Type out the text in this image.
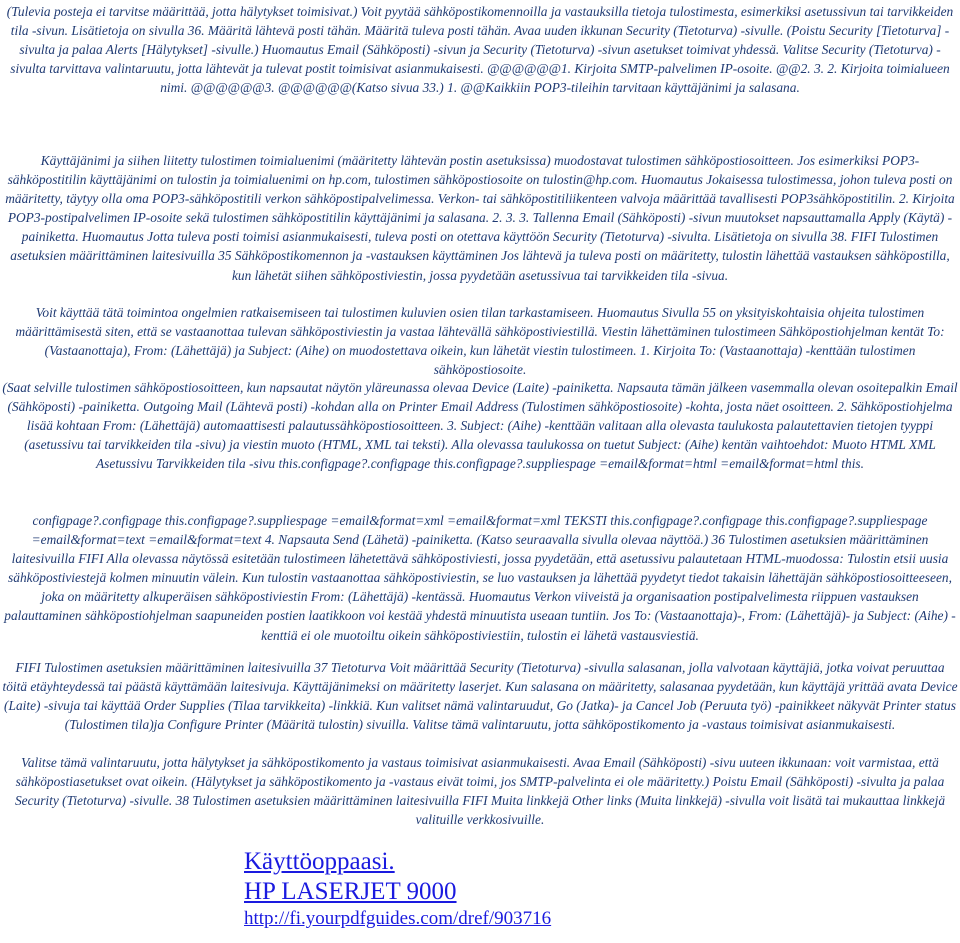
(Tulevia posteja ei tarvitse määrittää, jotta hälytykset toimisivat.) Voit pyytää sähköpostikomennoilla ja vastauksilla tietoja tulostimesta, esimerkiksi asetussivun tai tarvikkeiden tila -sivun. Lisätietoja on sivulla 36. Määritä lähtevä posti tähän. Määritä tuleva posti tähän. Avaa uuden ikkunan Security (Tietoturva) -sivulle. (Poistu Security [Tietoturva] -sivulta ja palaa Alerts [Hälytykset] -sivulle.) Huomautus Email (Sähköposti) -sivun ja Security (Tietoturva) -sivun asetukset toimivat yhdessä. Valitse Security (Tietoturva) -sivulta tarvittava valintaruutu, jotta lähtevät ja tulevat postit toimisivat asianmukaisesti. @@@@@@1. Kirjoita SMTP-palvelimen IP-osoite. @@2. 3. 2. Kirjoita toimialueen nimi. @@@@@@3. @@@@@@(Katso sivua 33.) 1. @@Kaikkiin POP3-tileihin tarvitaan käyttäjänimi ja salasana.
Käyttäjänimi ja siihen liitetty tulostimen toimialuenimi (määritetty lähtevän postin asetuksissa) muodostavat tulostimen sähköpostiosoitteen. Jos esimerkiksi POP3-sähköpostitilin käyttäjänimi on tulostin ja toimialuenimi on hp.com, tulostimen sähköpostiosoite on tulostin@hp.com. Huomautus Jokaisessa tulostimessa, johon tuleva posti on määritetty, täytyy olla oma POP3-sähköpostitili verkon sähköpostipalvelimessa. Verkon- tai sähköpostitiliikenteen valvoja määrittää tavallisesti POP3sähköpostitilin. 2. Kirjoita POP3-postipalvelimen IP-osoite sekä tulostimen sähköpostitilin käyttäjänimi ja salasana. 2. 3. 3. Tallenna Email (Sähköposti) -sivun muutokset napsauttamalla Apply (Käytä) -painiketta. Huomautus Jotta tuleva posti toimisi asianmukaisesti, tuleva posti on otettava käyttöön Security (Tietoturva) -sivulta. Lisätietoja on sivulla 38. FIFI Tulostimen asetuksien määrittäminen laitesivuilla 35 Sähköpostikomennon ja -vastauksen käyttäminen Jos lähtevä ja tuleva posti on määritetty, tulostin lähettää vastauksen sähköpostilla, kun lähetät siihen sähköpostiviestin, jossa pyydetään asetussivua tai tarvikkeiden tila -sivua.
Voit käyttää tätä toimintoa ongelmien ratkaisemiseen tai tulostimen kuluvien osien tilan tarkastamiseen. Huomautus Sivulla 55 on yksityiskohtaisia ohjeita tulostimen määrittämisestä siten, että se vastaanottaa tulevan sähköpostiviestin ja vastaa lähtevällä sähköpostiviestillä. Viestin lähettäminen tulostimeen Sähköpostiohjelman kentät To: (Vastaanottaja), From: (Lähettäjä) ja Subject: (Aihe) on muodostettava oikein, kun lähetät viestin tulostimeen. 1. Kirjoita To: (Vastaanottaja) -kenttään tulostimen sähköpostiosoite.
(Saat selville tulostimen sähköpostiosoitteen, kun napsautat näytön yläreunassa olevaa Device (Laite) -painiketta. Napsauta tämän jälkeen vasemmalla olevan osoitepalkin Email (Sähköposti) -painiketta. Outgoing Mail (Lähtevä posti) -kohdan alla on Printer Email Address (Tulostimen sähköpostiosoite) -kohta, josta näet osoitteen. 2. Sähköpostiohjelma lisää kohtaan From: (Lähettäjä) automaattisesti palautussähköpostiosoitteen. 3. Subject: (Aihe) -kenttään valitaan alla olevasta taulukosta palautettavien tietojen tyyppi (asetussivu tai tarvikkeiden tila -sivu) ja viestin muoto (HTML, XML tai teksti). Alla olevassa taulukossa on tuetut Subject: (Aihe) kentän vaihtoehdot: Muoto HTML XML Asetussivu Tarvikkeiden tila -sivu this.configpage?.configpage this.configpage?.suppliespage =email&format=html =email&format=html this.
configpage?.configpage this.configpage?.suppliespage =email&format=xml =email&format=xml TEKSTI this.configpage?.configpage this.configpage?.suppliespage =email&format=text =email&format=text 4. Napsauta Send (Lähetä) -painiketta. (Katso seuraavalla sivulla olevaa näyttöä.) 36 Tulostimen asetuksien määrittäminen laitesivuilla FIFI Alla olevassa näytössä esitetään tulostimeen lähetettävä sähköpostiviesti, jossa pyydetään, että asetussivu palautetaan HTML-muodossa: Tulostin etsii uusia sähköpostiviestejä kolmen minuutin välein. Kun tulostin vastaanottaa sähköpostiviestin, se luo vastauksen ja lähettää pyydetyt tiedot takaisin lähettäjän sähköpostiosoitteeseen, joka on määritetty alkuperäisen sähköpostiviestin From: (Lähettäjä) -kentässä. Huomautus Verkon viiveistä ja organisaation postipalvelimesta riippuen vastauksen palauttaminen sähköpostiohjelman saapuneiden postien laatikkoon voi kestää yhdestä minuutista useaan tuntiin. Jos To: (Vastaanottaja)-, From: (Lähettäjä)- ja Subject: (Aihe) -kenttiä ei ole muotoiltu oikein sähköpostiviestiin, tulostin ei lähetä vastausviestiä.
FIFI Tulostimen asetuksien määrittäminen laitesivuilla 37 Tietoturva Voit määrittää Security (Tietoturva) -sivulla salasanan, jolla valvotaan käyttäjiä, jotka voivat peruuttaa töitä etäyhteydessä tai päästä käyttämään laitesivuja. Käyttäjänimeksi on määritetty laserjet. Kun salasana on määritetty, salasanaa pyydetään, kun käyttäjä yrittää avata Device (Laite) -sivuja tai käyttää Order Supplies (Tilaa tarvikkeita) -linkkiä. Kun valitset nämä valintaruudut, Go (Jatka)- ja Cancel Job (Peruuta työ) -painikkeet näkyvät Printer status (Tulostimen tila)ja Configure Printer (Määritä tulostin) sivuilla. Valitse tämä valintaruutu, jotta sähköpostikomento ja -vastaus toimisivat asianmukaisesti.
Valitse tämä valintaruutu, jotta hälytykset ja sähköpostikomento ja vastaus toimisivat asianmukaisesti. Avaa Email (Sähköposti) -sivu uuteen ikkunaan: voit varmistaa, että sähköpostiasetukset ovat oikein. (Hälytykset ja sähköpostikomento ja -vastaus eivät toimi, jos SMTP-palvelinta ei ole määritetty.) Poistu Email (Sähköposti) -sivulta ja palaa Security (Tietoturva) -sivulle. 38 Tulostimen asetuksien määrittäminen laitesivuilla FIFI Muita linkkejä Other links (Muita linkkejä) -sivulla voit lisätä tai mukauttaa linkkejä valituille verkkosivuille.
Käyttöoppaasi.
HP LASERJET 9000
http://fi.yourpdfguides.com/dref/903716
